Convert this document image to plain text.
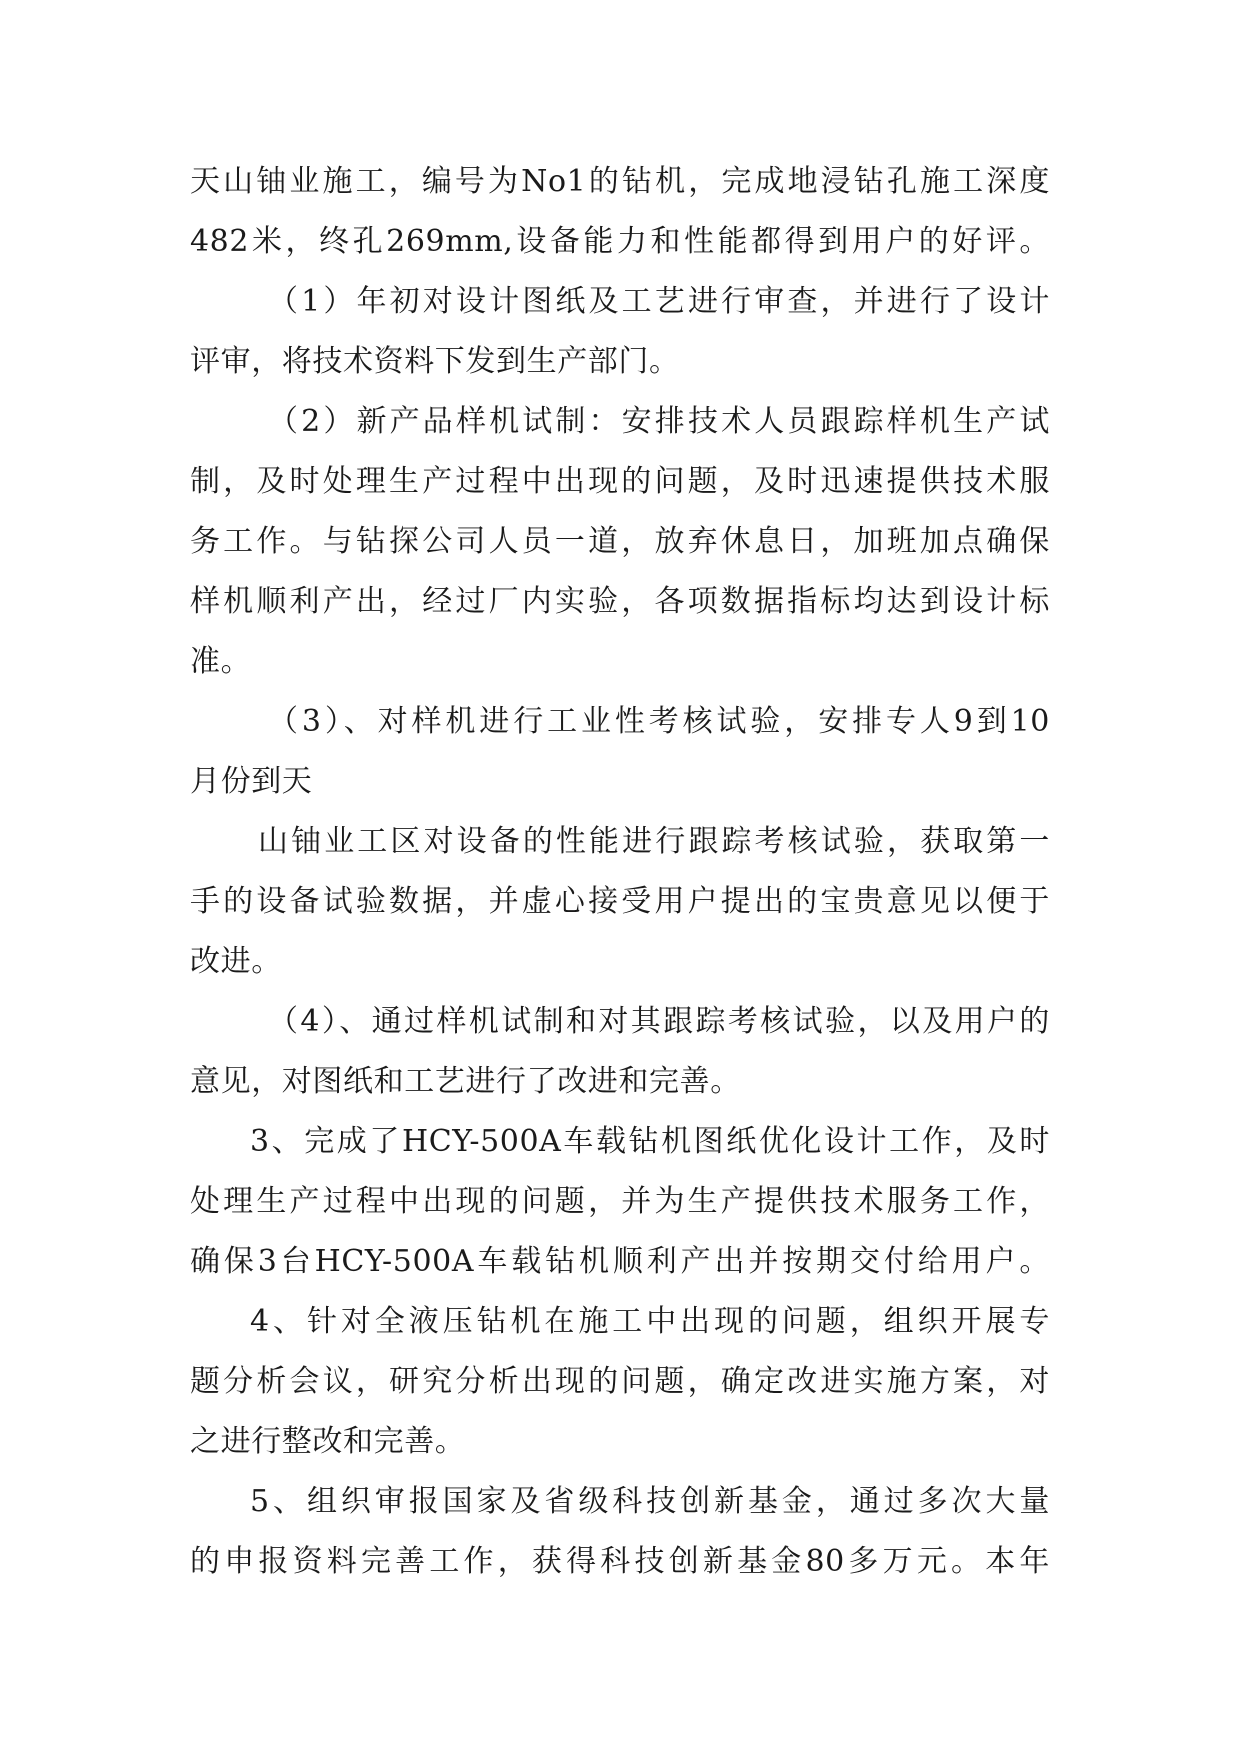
天山铀业施工，编号为No1的钻机，完成地浸钻孔施工深度

482米，终孔269mm,设备能力和性能都得到用户的好评。

（1）年初对设计图纸及工艺进行审查，并进行了设计

评审，将技术资料下发到生产部门。

（2）新产品样机试制：安排技术人员跟踪样机生产试

制，及时处理生产过程中出现的问题，及时迅速提供技术服

务工作。与钻探公司人员一道，放弃休息日，加班加点确保

样机顺利产出，经过厂内实验，各项数据指标均达到设计标

准。

（3）、对样机进行工业性考核试验，安排专人9到10

月份到天

山铀业工区对设备的性能进行跟踪考核试验，获取第一

手的设备试验数据，并虚心接受用户提出的宝贵意见以便于

改进。

（4）、通过样机试制和对其跟踪考核试验，以及用户的

意见，对图纸和工艺进行了改进和完善。

3、完成了HCY-500A车载钻机图纸优化设计工作，及时

处理生产过程中出现的问题，并为生产提供技术服务工作，

确保3台HCY-500A车载钻机顺利产出并按期交付给用户。

4、针对全液压钻机在施工中出现的问题，组织开展专

题分析会议，研究分析出现的问题，确定改进实施方案，对

之进行整改和完善。

5、组织审报国家及省级科技创新基金，通过多次大量

的申报资料完善工作，获得科技创新基金80多万元。本年
